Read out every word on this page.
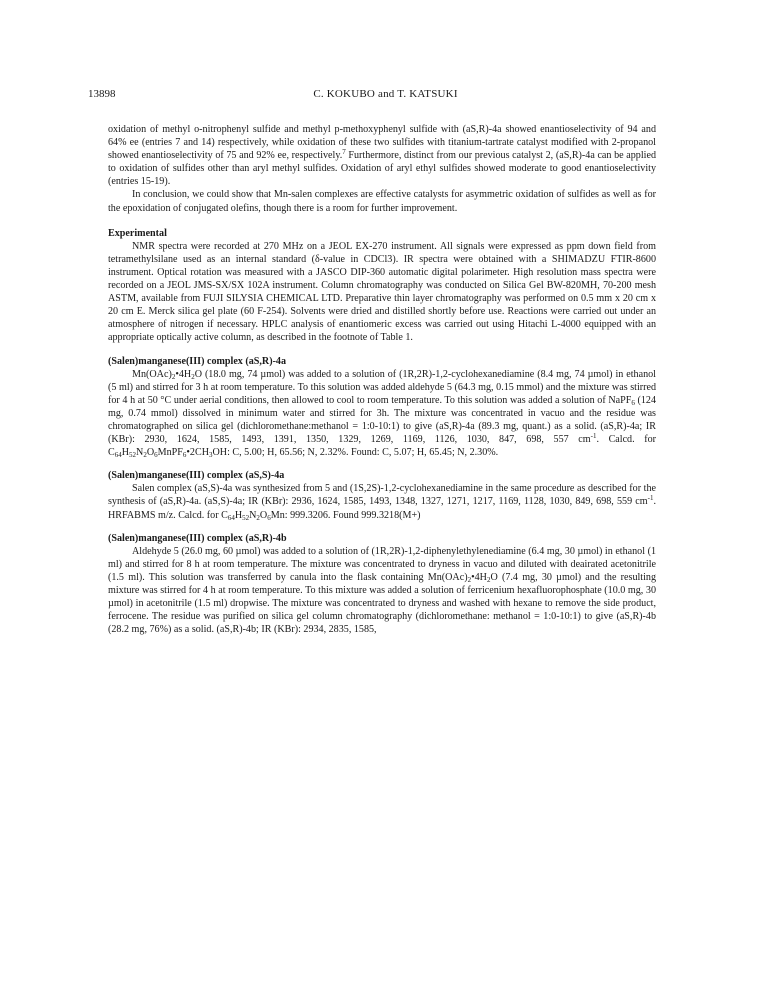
13898	C. KOKUBO and T. KATSUKI

oxidation of methyl o-nitrophenyl sulfide and methyl p-methoxyphenyl sulfide with (aS,R)-4a showed enantioselectivity of 94 and 64% ee (entries 7 and 14) respectively, while oxidation of these two sulfides with titanium-tartrate catalyst modified with 2-propanol showed enantioselectivity of 75 and 92% ee, respectively.$^7$ Furthermore, distinct from our previous catalyst 2, (aS,R)-4a can be applied to oxidation of sulfides other than aryl methyl sulfides. Oxidation of aryl ethyl sulfides showed moderate to good enantioselectivity (entries 15-19).

In conclusion, we could show that Mn-salen complexes are effective catalysts for asymmetric oxidation of sulfides as well as for the epoxidation of conjugated olefins, though there is a room for further improvement.

Experimental

NMR spectra were recorded at 270 MHz on a JEOL EX-270 instrument. All signals were expressed as ppm down field from tetramethylsilane used as an internal standard (δ-value in CDCl3). IR spectra were obtained with a SHIMADZU FTIR-8600 instrument. Optical rotation was measured with a JASCO DIP-360 automatic digital polarimeter. High resolution mass spectra were recorded on a JEOL JMS-SX/SX 102A instrument. Column chromatography was conducted on Silica Gel BW-820MH, 70-200 mesh ASTM, available from FUJI SILYSIA CHEMICAL LTD. Preparative thin layer chromatography was performed on 0.5 mm x 20 cm x 20 cm E. Merck silica gel plate (60 F-254). Solvents were dried and distilled shortly before use. Reactions were carried out under an atmosphere of nitrogen if necessary. HPLC analysis of enantiomeric excess was carried out using Hitachi L-4000 equipped with an appropriate optically active column, as described in the footnote of Table 1.

(Salen)manganese(III) complex (aS,R)-4a

$Mn(OAc)_2•4H_2O$ (18.0 mg, 74 µmol) was added to a solution of (1R,2R)-1,2-cyclohexanediamine (8.4 mg, 74 µmol) in ethanol (5 ml) and stirred for 3 h at room temperature. To this solution was added aldehyde 5 (64.3 mg, 0.15 mmol) and the mixture was stirred for 4 h at 50 °C under aerial conditions, then allowed to cool to room temperature. To this solution was added a solution of NaPF$_6$ (124 mg, 0.74 mmol) dissolved in minimum water and stirred for 3h. The mixture was concentrated in vacuo and the residue was chromatographed on silica gel (dichloromethane:methanol = 1:0-10:1) to give (aS,R)-4a (89.3 mg, quant.) as a solid. (aS,R)-4a; IR (KBr): 2930, 1624, 1585, 1493, 1391, 1350, 1329, 1269, 1169, 1126, 1030, 847, 698, 557 $cm^{-1}$. Calcd. for $C_{64}H_{52}N_2O_6MnPF_6•2CH_3OH$: C, 5.00; H, 65.56; N, 2.32%. Found: C, 5.07; H, 65.45; N, 2.30%.

(Salen)manganese(III) complex (aS,S)-4a

Salen complex (aS,S)-4a was synthesized from 5 and (1S,2S)-1,2-cyclohexanediamine in the same procedure as described for the synthesis of (aS,R)-4a. (aS,S)-4a; IR (KBr): 2936, 1624, 1585, 1493, 1348, 1327, 1271, 1217, 1169, 1128, 1030, 849, 698, 559 $cm^{-1}$. HRFABMS m/z. Calcd. for $C_{64}H_{52}N_2O_6Mn$: 999.3206. Found 999.3218(M+)

(Salen)manganese(III) complex (aS,R)-4b

Aldehyde 5 (26.0 mg, 60 µmol) was added to a solution of (1R,2R)-1,2-diphenylethylenediamine (6.4 mg, 30 µmol) in ethanol (1 ml) and stirred for 8 h at room temperature. The mixture was concentrated to dryness in vacuo and diluted with deairated acetonitrile (1.5 ml). This solution was transferred by canula into the flask containing $Mn(OAc)_2•4H_2O$ (7.4 mg, 30 µmol) and the resulting mixture was stirred for 4 h at room temperature. To this mixture was added a solution of ferricenium hexafluorophosphate (10.0 mg, 30 µmol) in acetonitrile (1.5 ml) dropwise. The mixture was concentrated to dryness and washed with hexane to remove the side product, ferrocene. The residue was purified on silica gel column chromatography (dichloromethane: methanol = 1:0-10:1) to give (aS,R)-4b (28.2 mg, 76%) as a solid. (aS,R)-4b; IR (KBr): 2934, 2835, 1585,
